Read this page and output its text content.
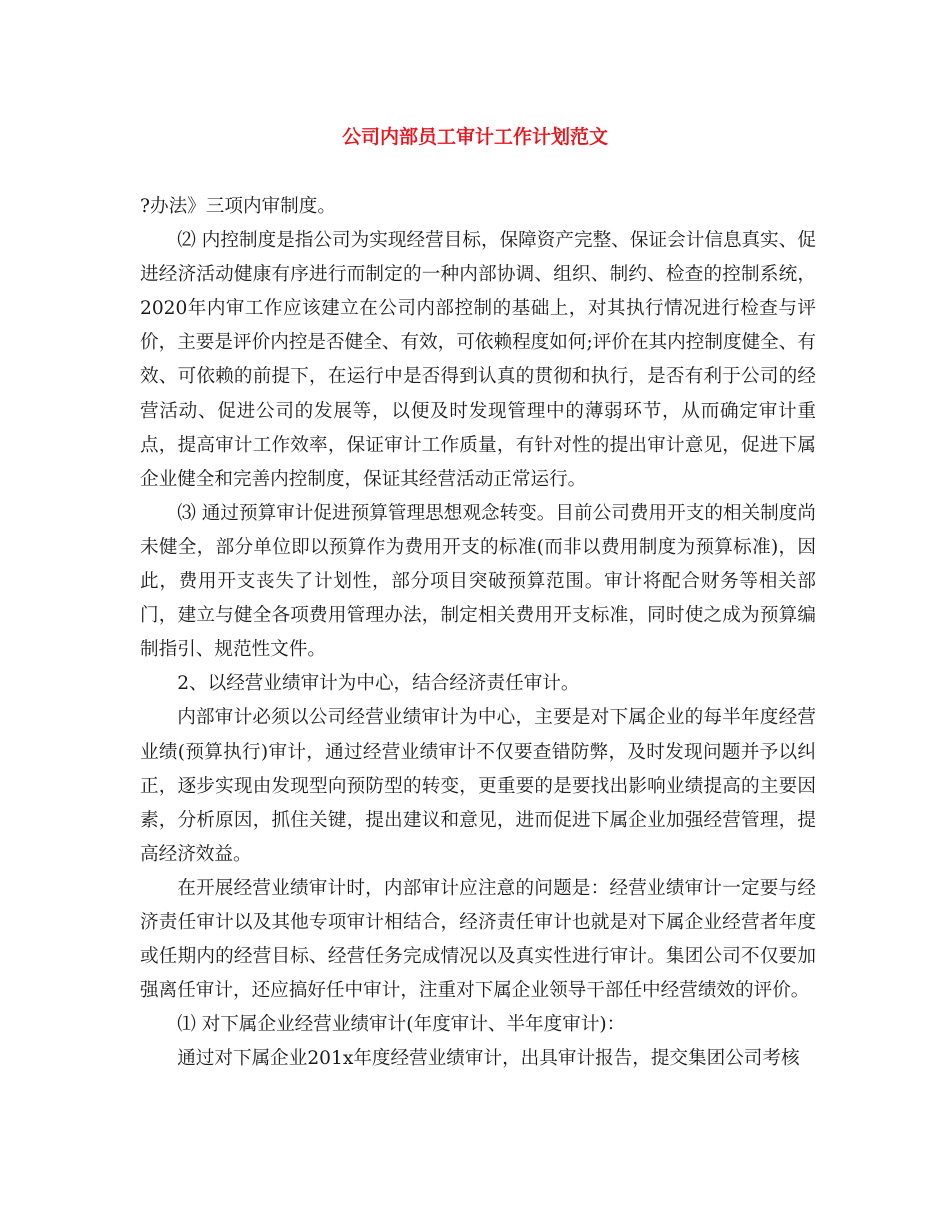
公司内部员工审计工作计划范文

?办法》三项内审制度。

⑵ 内控制度是指公司为实现经营目标，保障资产完整、保证会计信息真实、促进经济活动健康有序进行而制定的一种内部协调、组织、制约、检查的控制系统，2020年内审工作应该建立在公司内部控制的基础上，对其执行情况进行检查与评价，主要是评价内控是否健全、有效，可依赖程度如何;评价在其内控制度健全、有效、可依赖的前提下，在运行中是否得到认真的贯彻和执行，是否有利于公司的经营活动、促进公司的发展等，以便及时发现管理中的薄弱环节，从而确定审计重点，提高审计工作效率，保证审计工作质量，有针对性的提出审计意见，促进下属企业健全和完善内控制度，保证其经营活动正常运行。

⑶ 通过预算审计促进预算管理思想观念转变。目前公司费用开支的相关制度尚未健全，部分单位即以预算作为费用开支的标准(而非以费用制度为预算标准)，因此，费用开支丧失了计划性，部分项目突破预算范围。审计将配合财务等相关部门，建立与健全各项费用管理办法，制定相关费用开支标准，同时使之成为预算编制指引、规范性文件。

2、以经营业绩审计为中心，结合经济责任审计。

内部审计必须以公司经营业绩审计为中心，主要是对下属企业的每半年度经营业绩(预算执行)审计，通过经营业绩审计不仅要查错防弊，及时发现问题并予以纠正，逐步实现由发现型向预防型的转变，更重要的是要找出影响业绩提高的主要因素，分析原因，抓住关键，提出建议和意见，进而促进下属企业加强经营管理，提高经济效益。

在开展经营业绩审计时，内部审计应注意的问题是：经营业绩审计一定要与经济责任审计以及其他专项审计相结合，经济责任审计也就是对下属企业经营者年度或任期内的经营目标、经营任务完成情况以及真实性进行审计。集团公司不仅要加强离任审计，还应搞好任中审计，注重对下属企业领导干部任中经营绩效的评价。

⑴ 对下属企业经营业绩审计(年度审计、半年度审计)：

通过对下属企业201x年度经营业绩审计，出具审计报告，提交集团公司考核
